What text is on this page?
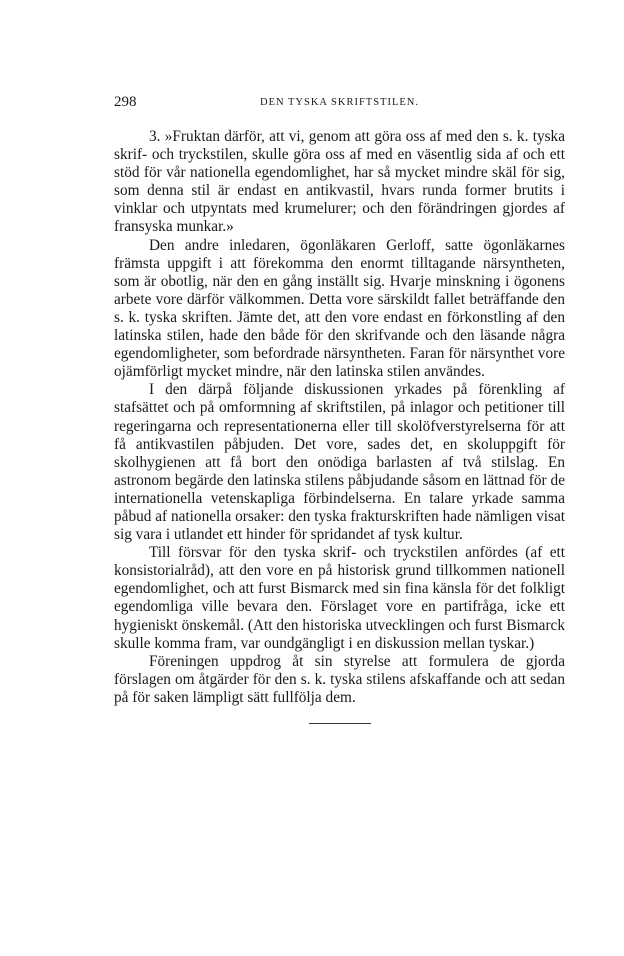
298	DEN TYSKA SKRIFTSTILEN.

3. »Fruktan därför, att vi, genom att göra oss af med den s. k. tyska skrif- och tryckstilen, skulle göra oss af med en väsentlig sida af och ett stöd för vår nationella egendomlighet, har så mycket mindre skäl för sig, som denna stil är endast en antikvastil, hvars runda former brutits i vinklar och utpyntats med krumelurer; och den förändringen gjordes af fransyska munkar.»

Den andre inledaren, ögonläkaren Gerloff, satte ögonläkarnes främsta uppgift i att förekomma den enormt tilltagande närsyntheten, som är obotlig, när den en gång inställt sig. Hvarje minskning i ögonens arbete vore därför välkommen. Detta vore särskildt fallet beträffande den s. k. tyska skriften. Jämte det, att den vore endast en förkonstling af den latinska stilen, hade den både för den skrifvande och den läsande några egendomligheter, som befordrade närsyntheten. Faran för närsynthet vore ojämförligt mycket mindre, när den latinska stilen användes.

I den därpå följande diskussionen yrkades på förenkling af stafsättet och på omformning af skriftstilen, på inlagor och petitioner till regeringarna och representationerna eller till skolöfverstyrelserna för att få antikvastilen påbjuden. Det vore, sades det, en skoluppgift för skolhygienen att få bort den onödiga barlasten af två stilslag. En astronom begärde den latinska stilens påbjudande såsom en lättnad för de internationella vetenskapliga förbindelserna. En talare yrkade samma påbud af nationella orsaker: den tyska frakturskriften hade nämligen visat sig vara i utlandet ett hinder för spridandet af tysk kultur.

Till försvar för den tyska skrif- och tryckstilen anfördes (af ett konsistorialråd), att den vore en på historisk grund tillkommen nationell egendomlighet, och att furst Bismarck med sin fina känsla för det folkligt egendomliga ville bevara den. Förslaget vore en partifråga, icke ett hygieniskt önskemål. (Att den historiska utvecklingen och furst Bismarck skulle komma fram, var oundgängligt i en diskussion mellan tyskar.)

Föreningen uppdrog åt sin styrelse att formulera de gjorda förslagen om åtgärder för den s. k. tyska stilens afskaffande och att sedan på för saken lämpligt sätt fullfölja dem.
